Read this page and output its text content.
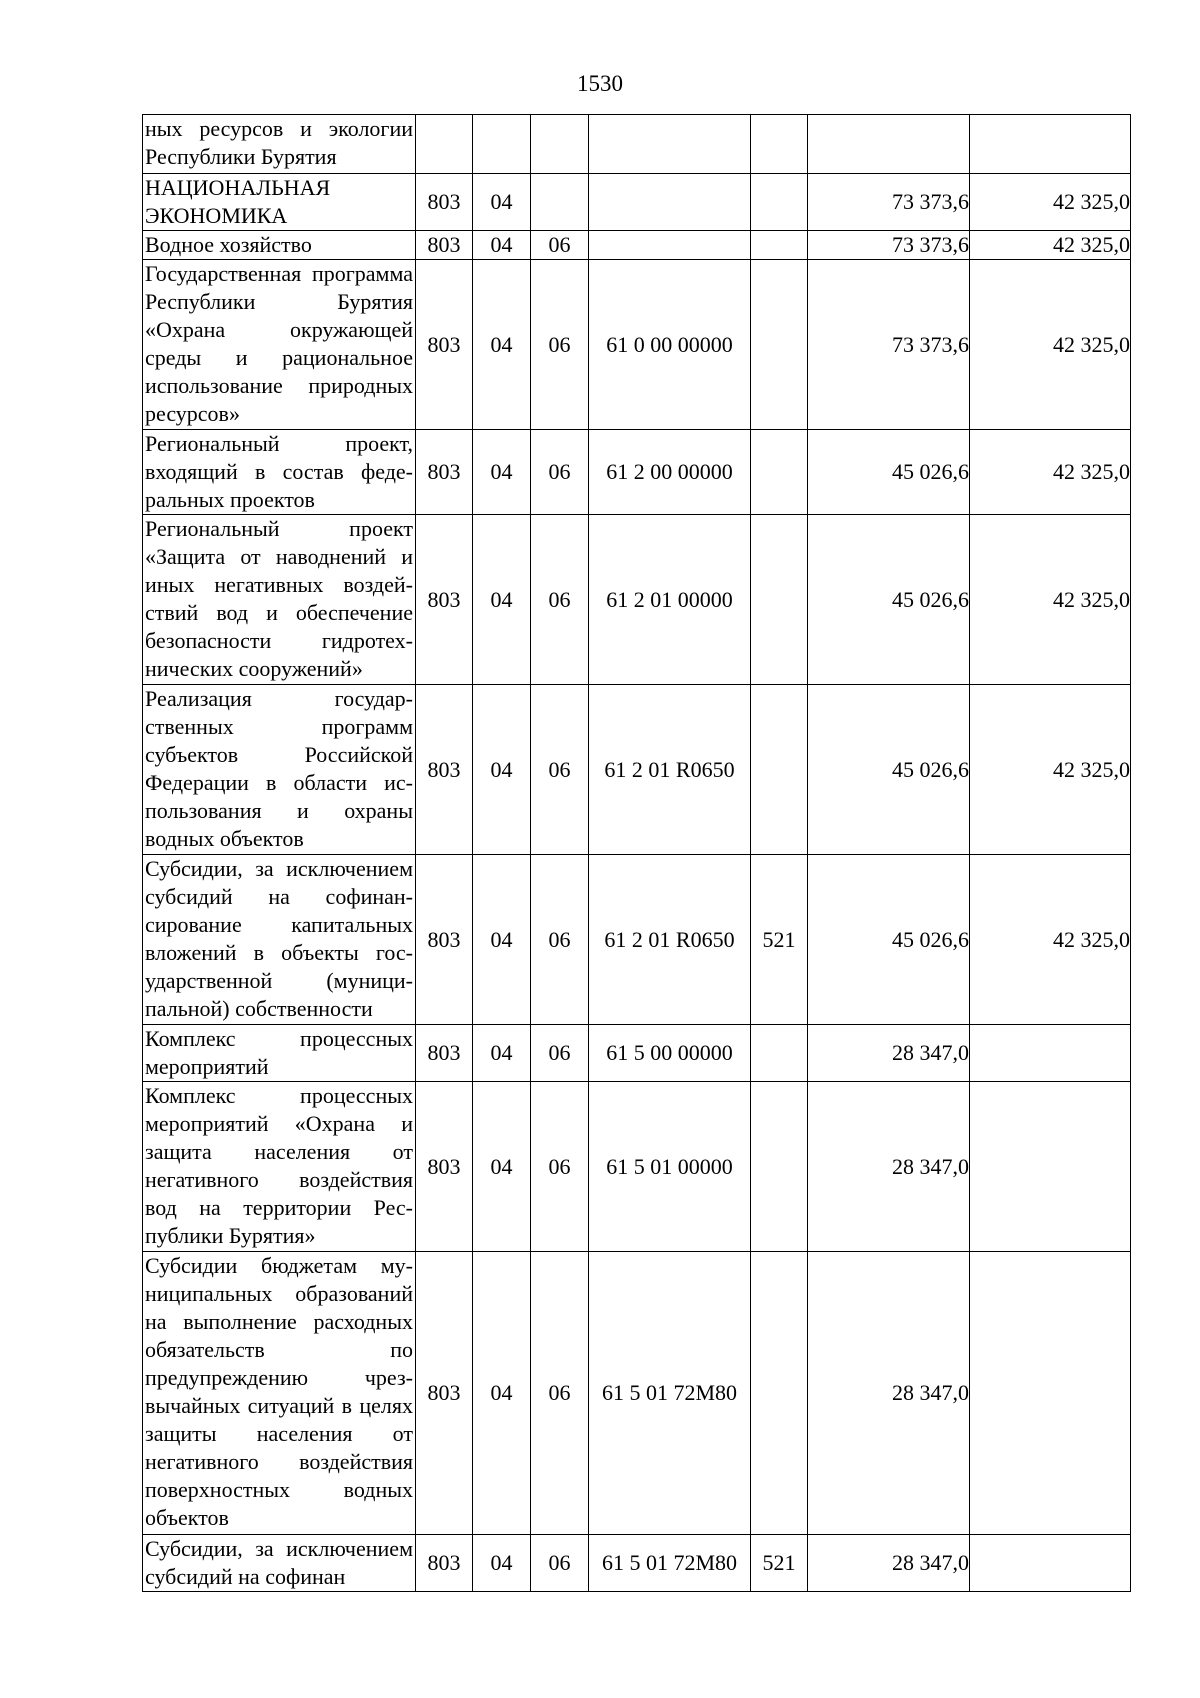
1530
ных ресурсов и экологии Республики Бурятия							
НАЦИОНАЛЬНАЯ ЭКОНОМИКА	803	04				73 373,6	42 325,0
Водное хозяйство	803	04	06			73 373,6	42 325,0
Государственная программа Республики Бурятия «Охрана окружающей среды и рациональное использование природных ресурсов»	803	04	06	61 0 00 00000		73 373,6	42 325,0
Региональный проект, входящий в состав федеральных проектов	803	04	06	61 2 00 00000		45 026,6	42 325,0
Региональный проект «Защита от наводнений и иных негативных воздействий вод и обеспечение безопасности гидротехнических сооружений»	803	04	06	61 2 01 00000		45 026,6	42 325,0
Реализация государственных программ субъектов Российской Федерации в области использования и охраны водных объектов	803	04	06	61 2 01 R0650		45 026,6	42 325,0
Субсидии, за исключением субсидий на софинансирование капитальных вложений в объекты государственной (муниципальной) собственности	803	04	06	61 2 01 R0650	521	45 026,6	42 325,0
Комплекс процессных мероприятий	803	04	06	61 5 00 00000		28 347,0	
Комплекс процессных мероприятий «Охрана и защита населения от негативного воздействия вод на территории Республики Бурятия»	803	04	06	61 5 01 00000		28 347,0	
Субсидии бюджетам муниципальных образований на выполнение расходных обязательств по предупреждению чрезвычайных ситуаций в целях защиты населения от негативного воздействия поверхностных водных объектов	803	04	06	61 5 01 72М80		28 347,0	
Субсидии, за исключением субсидий на софинан	803	04	06	61 5 01 72М80	521	28 347,0	
